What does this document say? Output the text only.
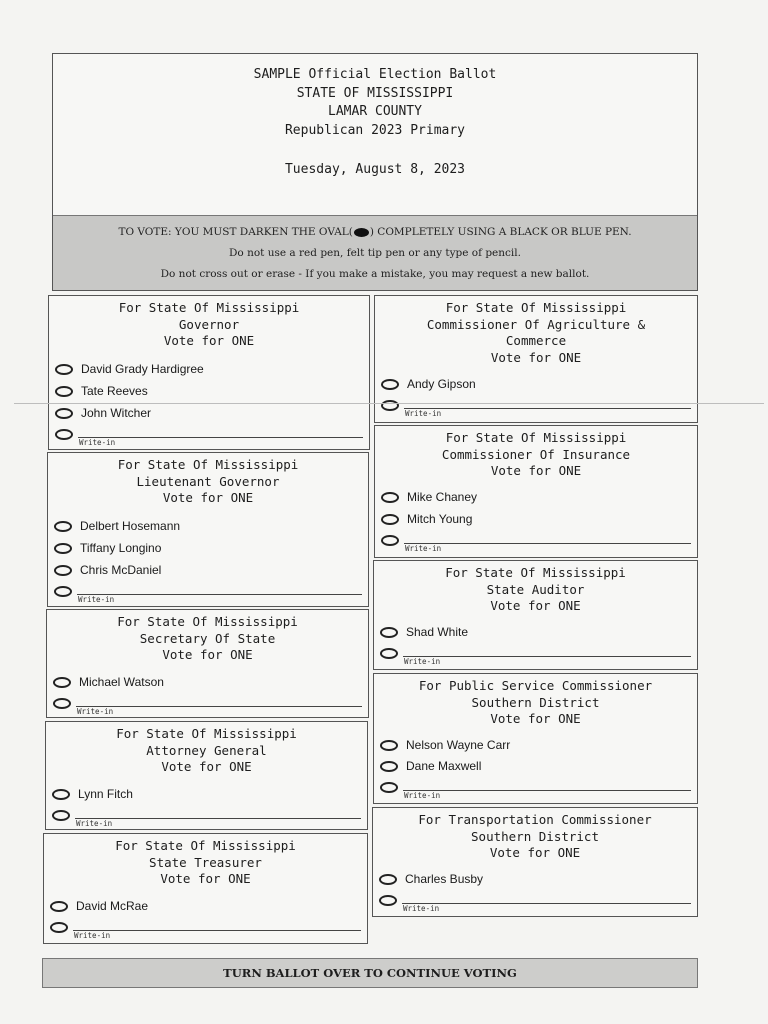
SAMPLE Official Election Ballot
STATE OF MISSISSIPPI
LAMAR COUNTY
Republican 2023 Primary
Tuesday, August 8, 2023
TO VOTE: YOU MUST DARKEN THE OVAL( ) COMPLETELY USING A BLACK OR BLUE PEN.
Do not use a red pen, felt tip pen or any type of pencil.
Do not cross out or erase - If you make a mistake, you may request a new ballot.
For State Of Mississippi
Governor
Vote for ONE
David Grady Hardigree
Tate Reeves
John Witcher
Write-in
For State Of Mississippi
Lieutenant Governor
Vote for ONE
Delbert Hosemann
Tiffany Longino
Chris McDaniel
Write-in
For State Of Mississippi
Secretary Of State
Vote for ONE
Michael Watson
Write-in
For State Of Mississippi
Attorney General
Vote for ONE
Lynn Fitch
Write-in
For State Of Mississippi
State Treasurer
Vote for ONE
David McRae
Write-in
For State Of Mississippi
Commissioner Of Agriculture &
Commerce
Vote for ONE
Andy Gipson
Write-in
For State Of Mississippi
Commissioner Of Insurance
Vote for ONE
Mike Chaney
Mitch Young
Write-in
For State Of Mississippi
State Auditor
Vote for ONE
Shad White
Write-in
For Public Service Commissioner
Southern District
Vote for ONE
Nelson Wayne Carr
Dane Maxwell
Write-in
For Transportation Commissioner
Southern District
Vote for ONE
Charles Busby
Write-in
TURN BALLOT OVER TO CONTINUE VOTING
